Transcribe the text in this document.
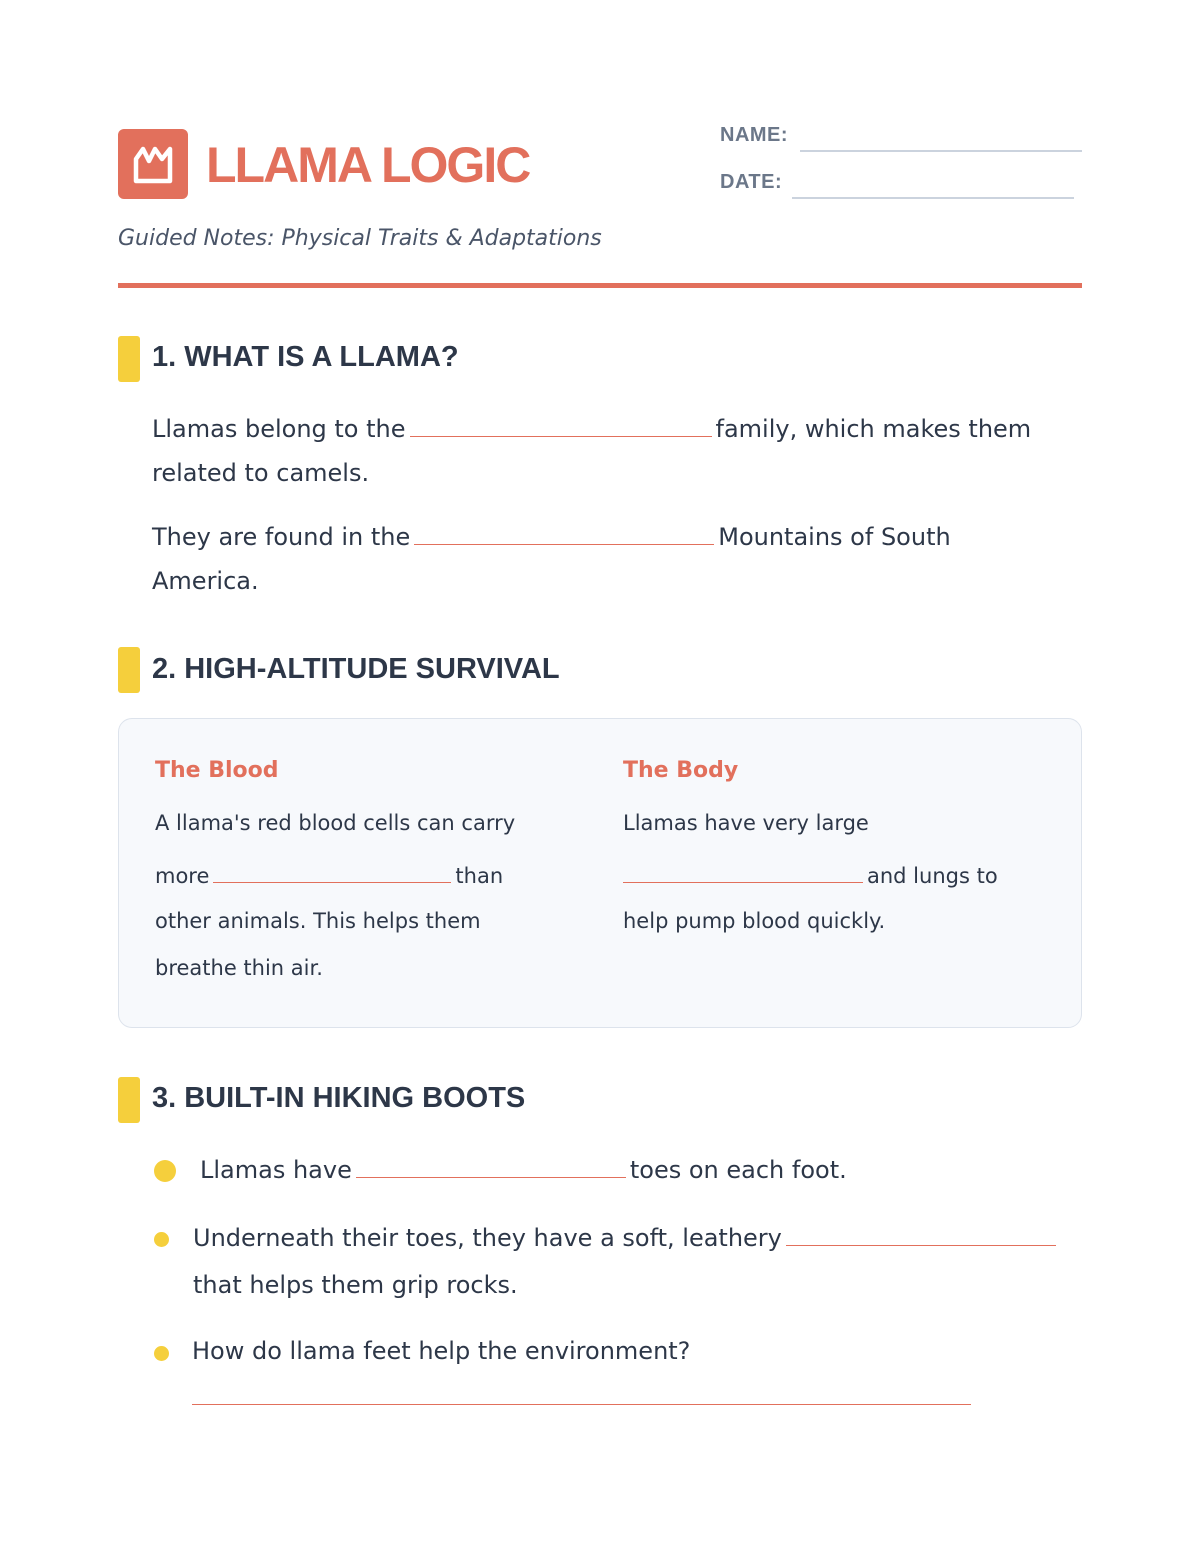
LLAMA LOGIC
NAME:
DATE:
Guided Notes: Physical Traits & Adaptations
1. WHAT IS A LLAMA?
Llamas belong to the	family, which makes them
related to camels.
They are found in the	Mountains of South
America.
2. HIGH-ALTITUDE SURVIVAL
The Blood
A llama's red blood cells can carry
more	than
other animals. This helps them
breathe thin air.
The Body
Llamas have very large
and lungs to
help pump blood quickly.
3. BUILT-IN HIKING BOOTS
Llamas have	toes on each foot.
Underneath their toes, they have a soft, leathery
that helps them grip rocks.
How do llama feet help the environment?
